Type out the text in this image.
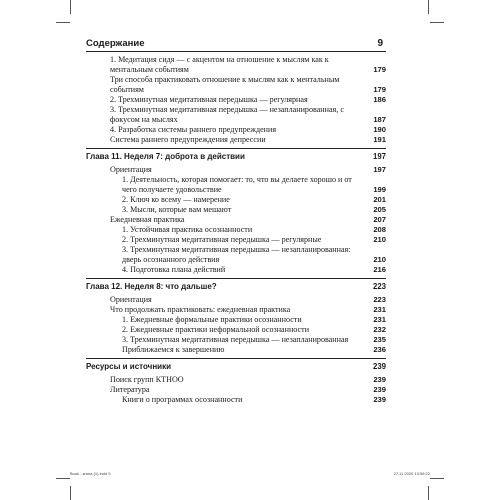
Содержание	9
1. Медитация сидя — с акцентом на отношение к мыслям как к ментальным событиям	179
Три способа практиковать отношение к мыслям как к ментальным событиям	179
2. Трехминутная медитативная передышка — регулярная	186
3. Трехминутная медитативная передышка — незапланированная, с фокусом на мыслях	187
4. Разработка системы раннего предупреждения	190
Система раннего предупреждения депрессии	191
Глава 11. Неделя 7: доброта в действии	197
Ориентация	197
1. Деятельность, которая помогает: то, что вы делаете хорошо и от чего получаете удовольствие	199
2. Ключ ко всему — намерение	201
3. Мысли, которые вам мешают	205
Ежедневная практика	207
1. Устойчивая практика осознанности	208
2. Трехминутная медитативная передышка — регулярные	210
3. Трехминутная медитативная передышка — незапланированная: дверь осознанного действия	210
4. Подготовка плана действий	216
Глава 12. Неделя 8: что дальше?	223
Ориентация	223
Что продолжать практиковать: ежедневная практика	231
1. Ежедневные формальные практики осознанности	231
2. Ежедневные практики неформальной осознанности	232
3. Трехминутная медитативная передышка — незапланированная	235
Приближаемся к завершению	236
Ресурсы и источники	239
Поиск групп КТНОО	239
Литература	239
Книги о программах осознанности	239
Book - книга (1).indd 9	27.11.2020 13:56:22
